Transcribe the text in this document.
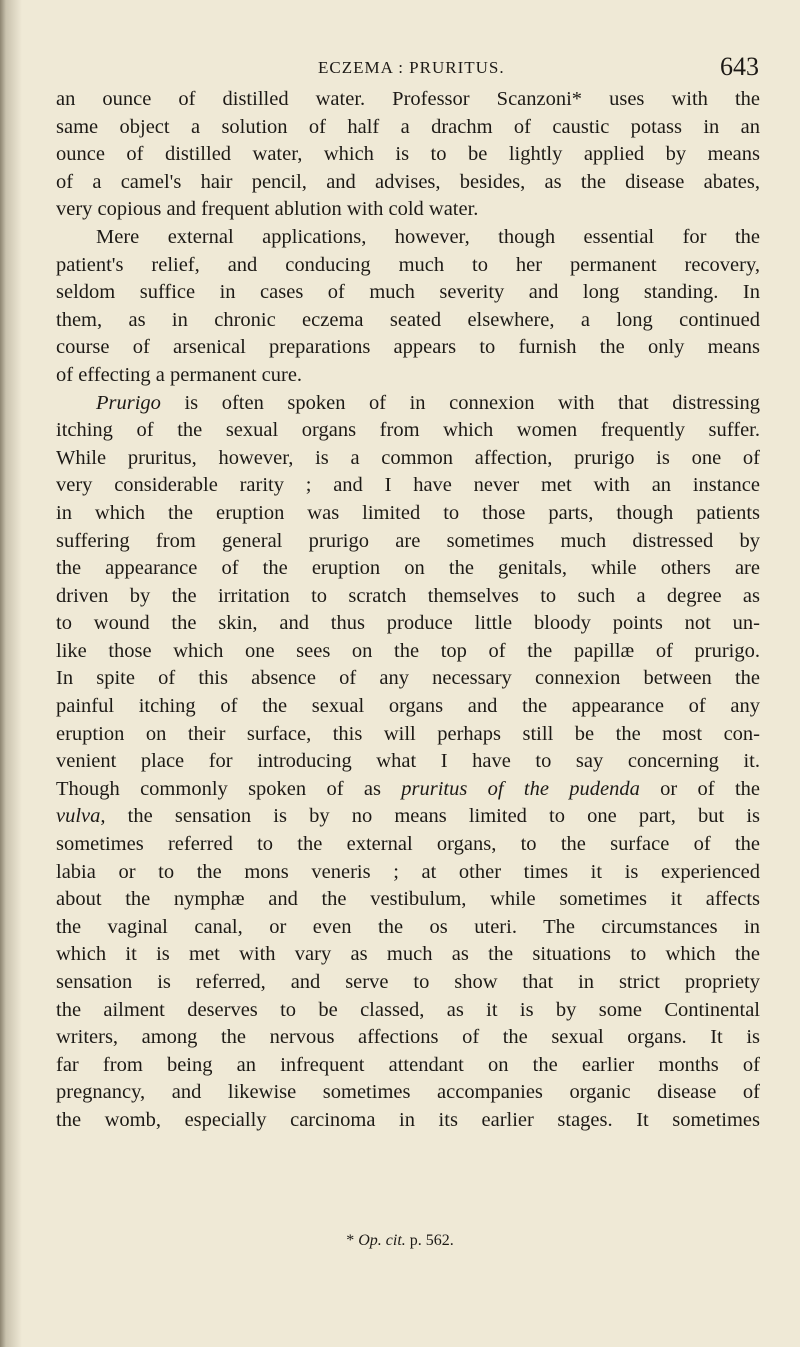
ECZEMA : PRURITUS.	643
an ounce of distilled water. Professor Scanzoni* uses with the
same object a solution of half a drachm of caustic potass in an
ounce of distilled water, which is to be lightly applied by means
of a camel's hair pencil, and advises, besides, as the disease abates,
very copious and frequent ablution with cold water.
Mere external applications, however, though essential for the
patient's relief, and conducing much to her permanent recovery,
seldom suffice in cases of much severity and long standing. In
them, as in chronic eczema seated elsewhere, a long continued
course of arsenical preparations appears to furnish the only means
of effecting a permanent cure.
Prurigo is often spoken of in connexion with that distressing
itching of the sexual organs from which women frequently suffer.
While pruritus, however, is a common affection, prurigo is one of
very considerable rarity ; and I have never met with an instance
in which the eruption was limited to those parts, though patients
suffering from general prurigo are sometimes much distressed by
the appearance of the eruption on the genitals, while others are
driven by the irritation to scratch themselves to such a degree as
to wound the skin, and thus produce little bloody points not un-
like those which one sees on the top of the papillæ of prurigo.
In spite of this absence of any necessary connexion between the
painful itching of the sexual organs and the appearance of any
eruption on their surface, this will perhaps still be the most con-
venient place for introducing what I have to say concerning it.
Though commonly spoken of as pruritus of the pudenda or of the
vulva, the sensation is by no means limited to one part, but is
sometimes referred to the external organs, to the surface of the
labia or to the mons veneris ; at other times it is experienced
about the nymphæ and the vestibulum, while sometimes it affects
the vaginal canal, or even the os uteri. The circumstances in
which it is met with vary as much as the situations to which the
sensation is referred, and serve to show that in strict propriety
the ailment deserves to be classed, as it is by some Continental
writers, among the nervous affections of the sexual organs. It is
far from being an infrequent attendant on the earlier months of
pregnancy, and likewise sometimes accompanies organic disease of
the womb, especially carcinoma in its earlier stages. It sometimes
* Op. cit. p. 562.
